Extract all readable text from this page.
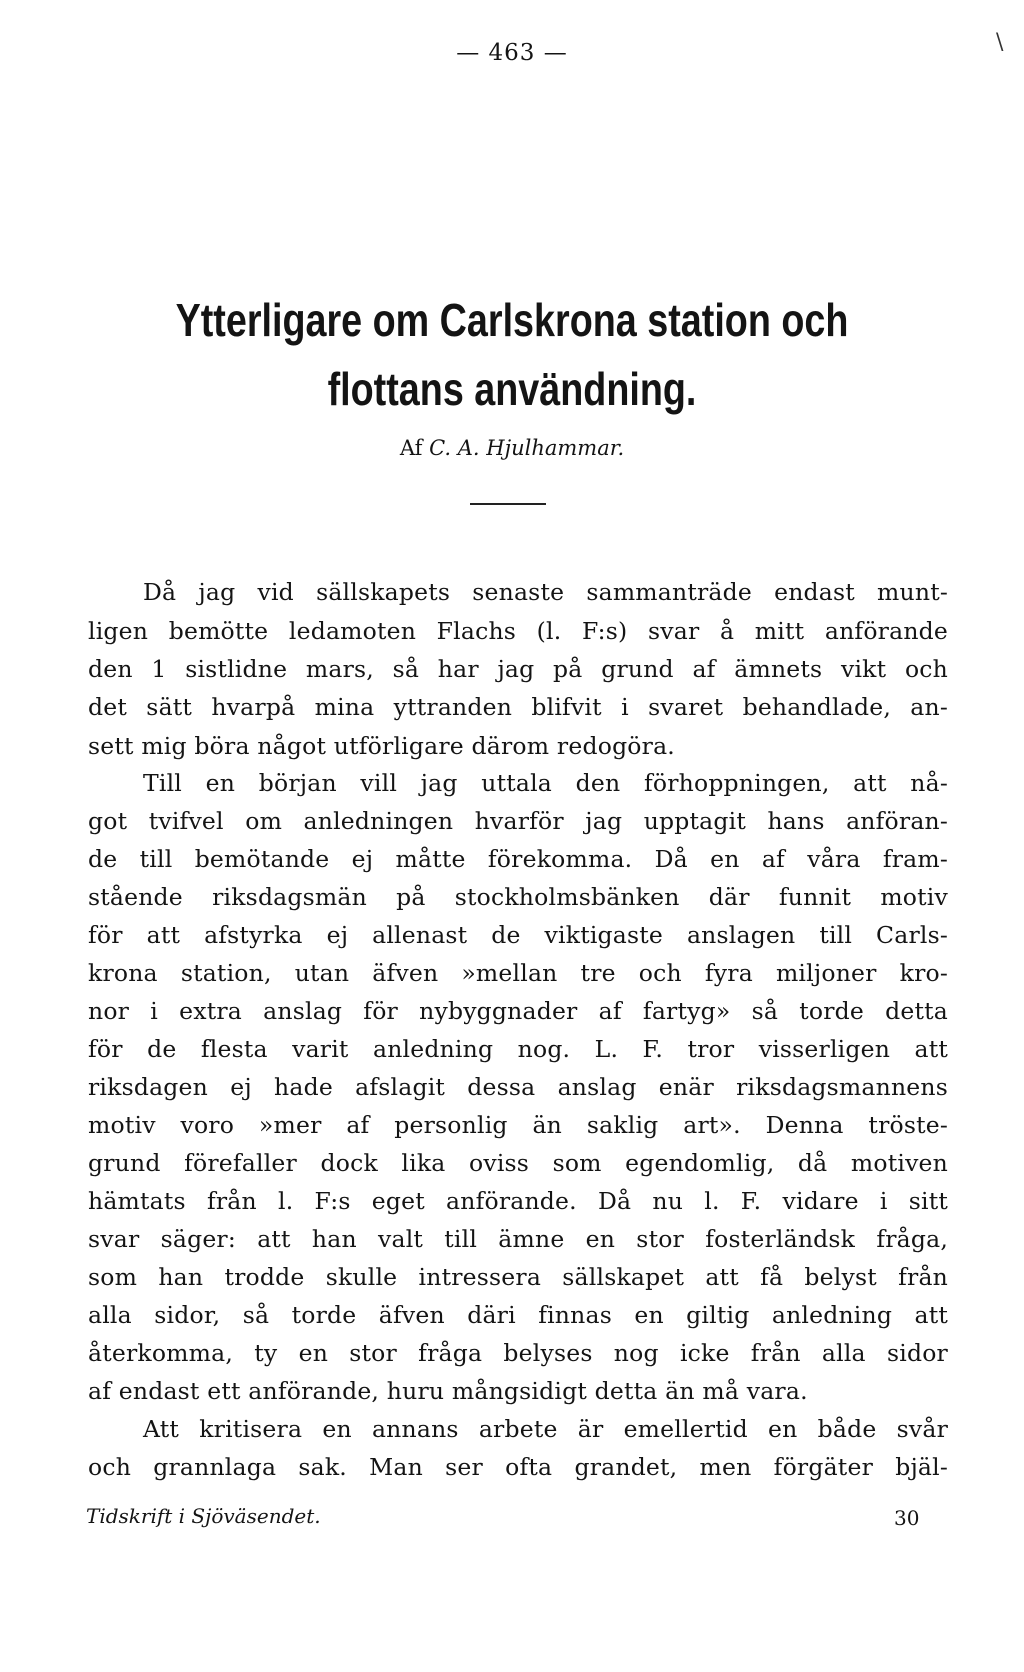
— 463 —	\
Ytterligare om Carlskrona station och
flottans användning.
Af C. A. Hjulhammar.
Då jag vid sällskapets senaste sammanträde endast munt-
ligen bemötte ledamoten Flachs (l. F:s) svar å mitt anförande
den 1 sistlidne mars, så har jag på grund af ämnets vikt och
det sätt hvarpå mina yttranden blifvit i svaret behandlade, an-
sett mig böra något utförligare därom redogöra.
Till en början vill jag uttala den förhoppningen, att nå-
got tvifvel om anledningen hvarför jag upptagit hans anföran-
de till bemötande ej måtte förekomma. Då en af våra fram-
stående riksdagsmän på stockholmsbänken där funnit motiv
för att afstyrka ej allenast de viktigaste anslagen till Carls-
krona station, utan äfven »mellan tre och fyra miljoner kro-
nor i extra anslag för nybyggnader af fartyg» så torde detta
för de flesta varit anledning nog. L. F. tror visserligen att
riksdagen ej hade afslagit dessa anslag enär riksdagsmannens
motiv voro »mer af personlig än saklig art». Denna tröste-
grund förefaller dock lika oviss som egendomlig, då motiven
hämtats från l. F:s eget anförande. Då nu l. F. vidare i sitt
svar säger: att han valt till ämne en stor fosterländsk fråga,
som han trodde skulle intressera sällskapet att få belyst från
alla sidor, så torde äfven däri finnas en giltig anledning att
återkomma, ty en stor fråga belyses nog icke från alla sidor
af endast ett anförande, huru mångsidigt detta än må vara.
Att kritisera en annans arbete är emellertid en både svår
och grannlaga sak. Man ser ofta grandet, men förgäter bjäl-
Tidskrift i Sjöväsendet.	30
